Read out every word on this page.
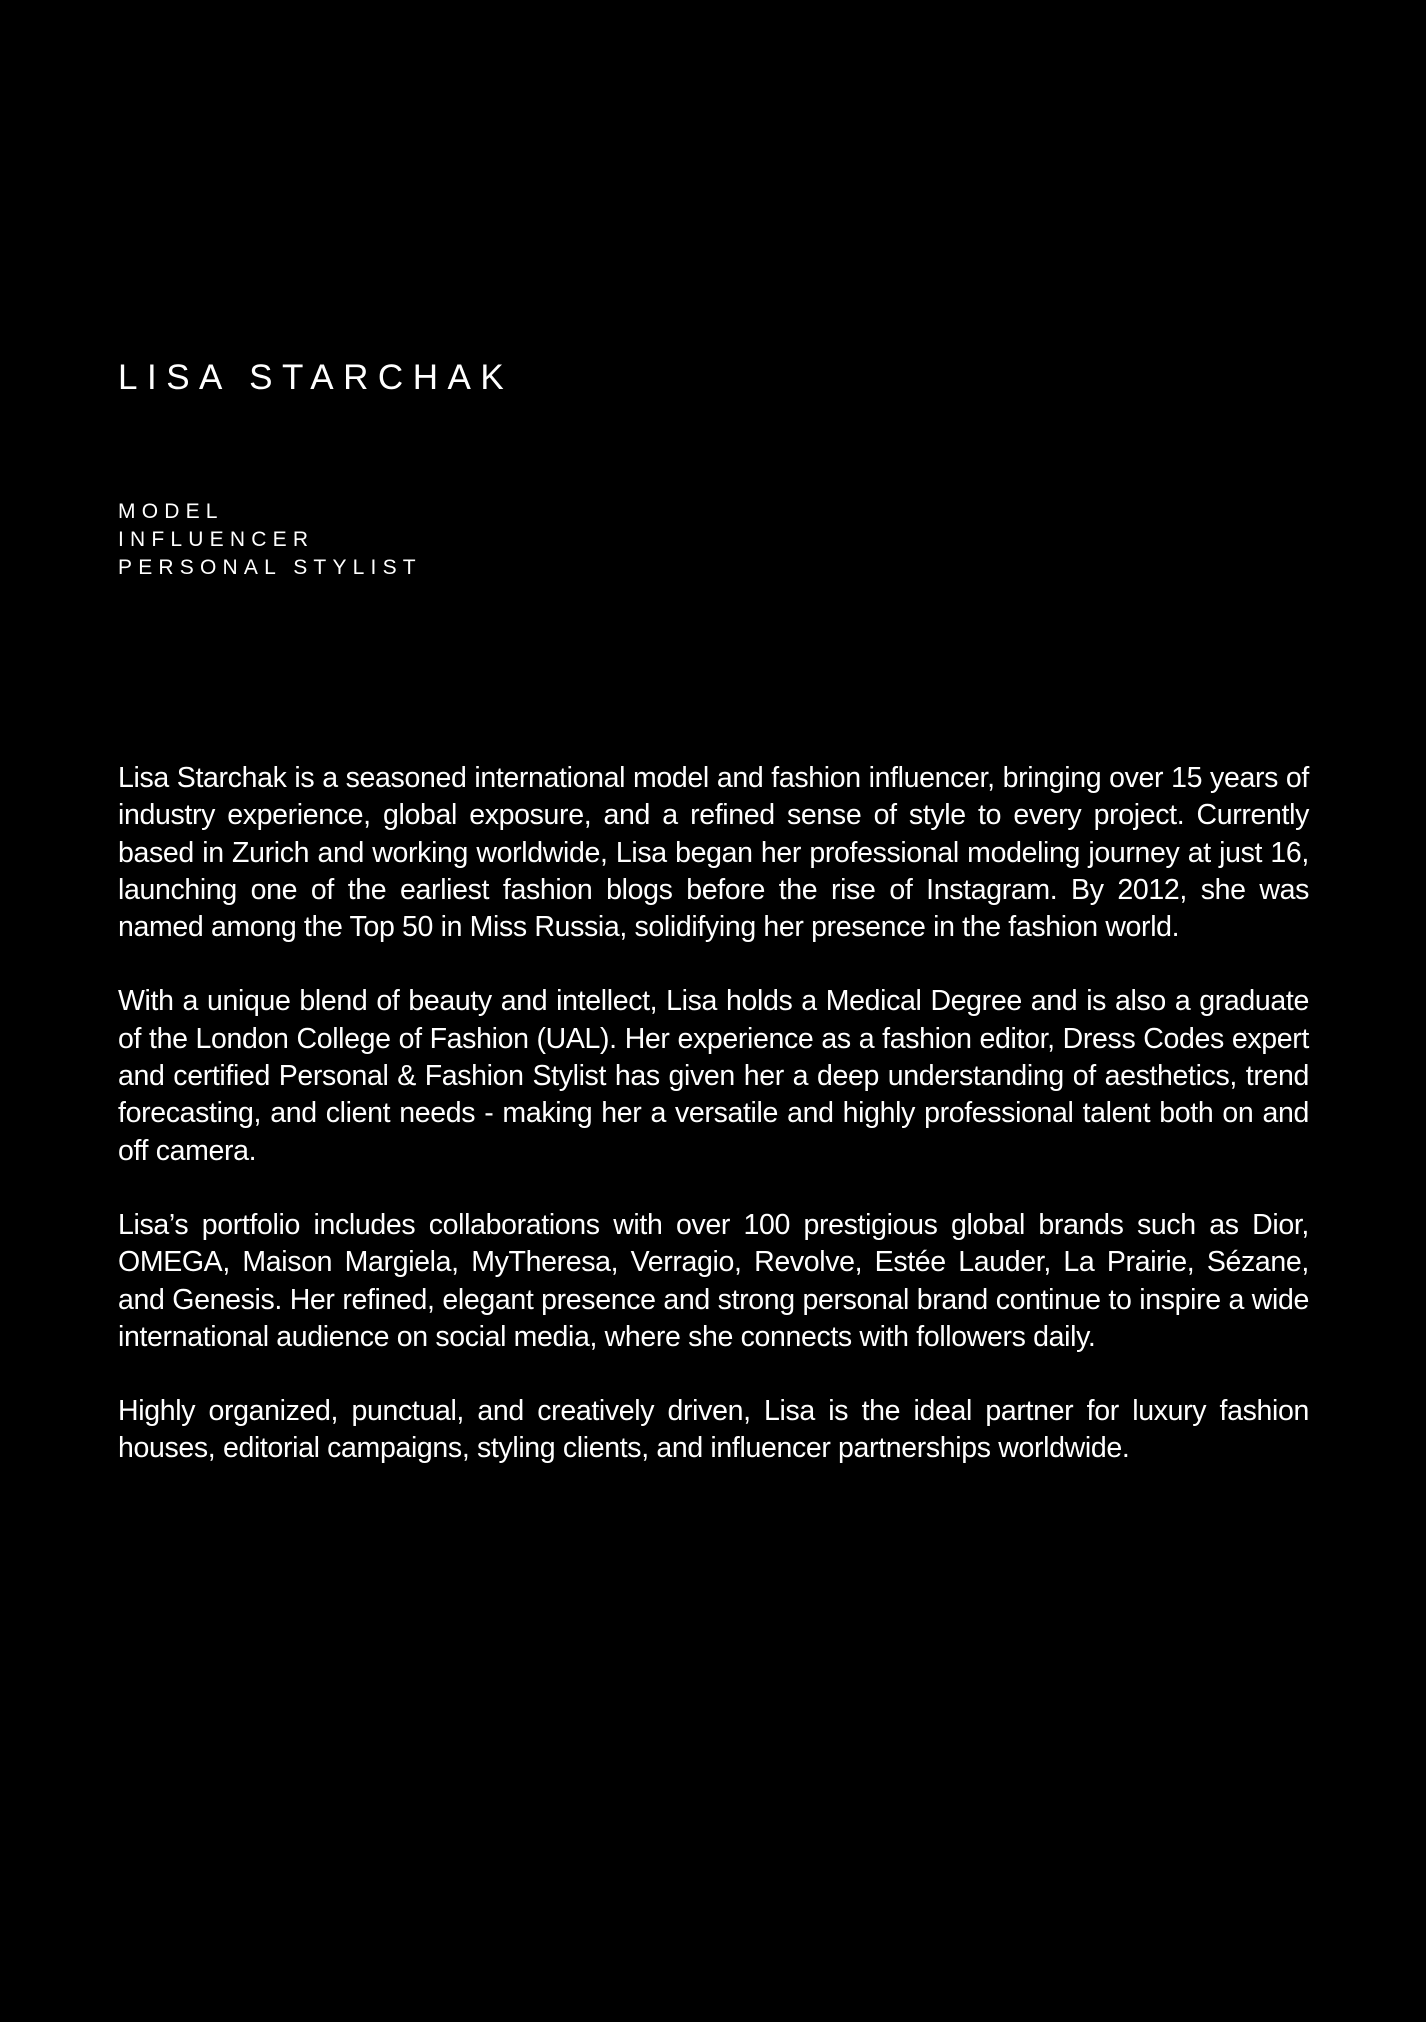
LISA STARCHAK
MODEL
INFLUENCER
PERSONAL STYLIST

Lisa Starchak is a seasoned international model and fashion influencer, bringing over 15 years of industry experience, global exposure, and a refined sense of style to every project. Currently based in Zurich and working worldwide, Lisa began her professional modeling journey at just 16, launching one of the earliest fashion blogs before the rise of Instagram. By 2012, she was named among the Top 50 in Miss Russia, solidifying her presence in the fashion world.

With a unique blend of beauty and intellect, Lisa holds a Medical Degree and is also a graduate of the London College of Fashion (UAL). Her experience as a fashion editor, Dress Codes expert and certified Personal & Fashion Stylist has given her a deep understanding of aesthetics, trend forecasting, and client needs - making her a versatile and highly professional talent both on and off camera.

Lisa’s portfolio includes collaborations with over 100 prestigious global brands such as Dior, OMEGA, Maison Margiela, MyTheresa, Verragio, Revolve, Estée Lauder, La Prairie, Sézane, and Genesis. Her refined, elegant presence and strong personal brand continue to inspire a wide international audience on social media, where she connects with followers daily.

Highly organized, punctual, and creatively driven, Lisa is the ideal partner for luxury fashion houses, editorial campaigns, styling clients, and influencer partnerships worldwide.
